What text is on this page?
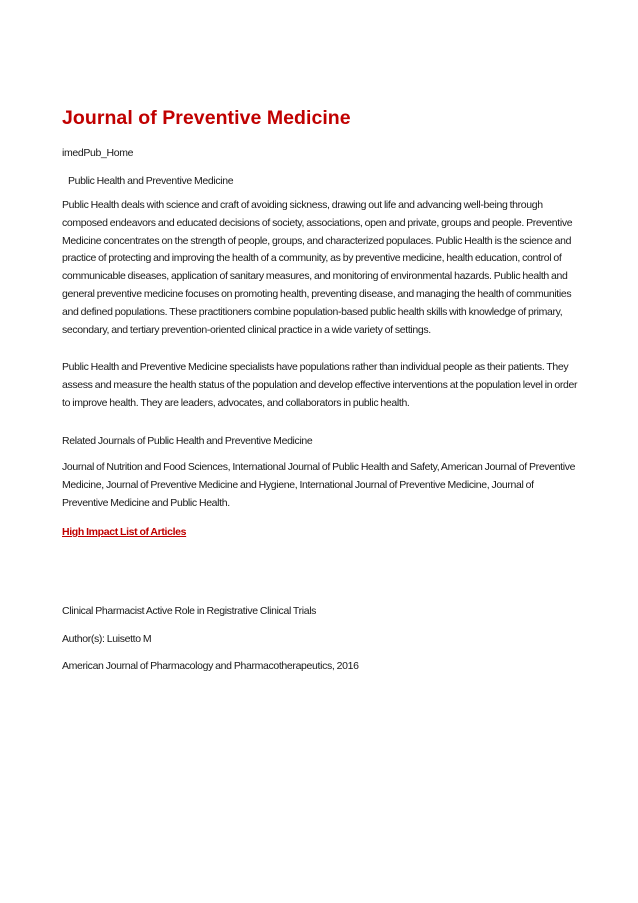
Journal of Preventive Medicine

imedPub_Home

Public Health and Preventive Medicine

Public Health deals with science and craft of avoiding sickness, drawing out life and advancing well-being through composed endeavors and educated decisions of society, associations, open and private, groups and people. Preventive Medicine concentrates on the strength of people, groups, and characterized populaces. Public Health is the science and practice of protecting and improving the health of a community, as by preventive medicine, health education, control of communicable diseases, application of sanitary measures, and monitoring of environmental hazards. Public health and general preventive medicine focuses on promoting health, preventing disease, and managing the health of communities and defined populations. These practitioners combine population-based public health skills with knowledge of primary, secondary, and tertiary prevention-oriented clinical practice in a wide variety of settings.

Public Health and Preventive Medicine specialists have populations rather than individual people as their patients. They assess and measure the health status of the population and develop effective interventions at the population level in order to improve health. They are leaders, advocates, and collaborators in public health.

Related Journals of Public Health and Preventive Medicine

Journal of Nutrition and Food Sciences, International Journal of Public Health and Safety, American Journal of Preventive Medicine, Journal of Preventive Medicine and Hygiene, International Journal of Preventive Medicine, Journal of Preventive Medicine and Public Health.

High Impact List of Articles

Clinical Pharmacist Active Role in Registrative Clinical Trials

Author(s): Luisetto M

American Journal of Pharmacology and Pharmacotherapeutics, 2016
